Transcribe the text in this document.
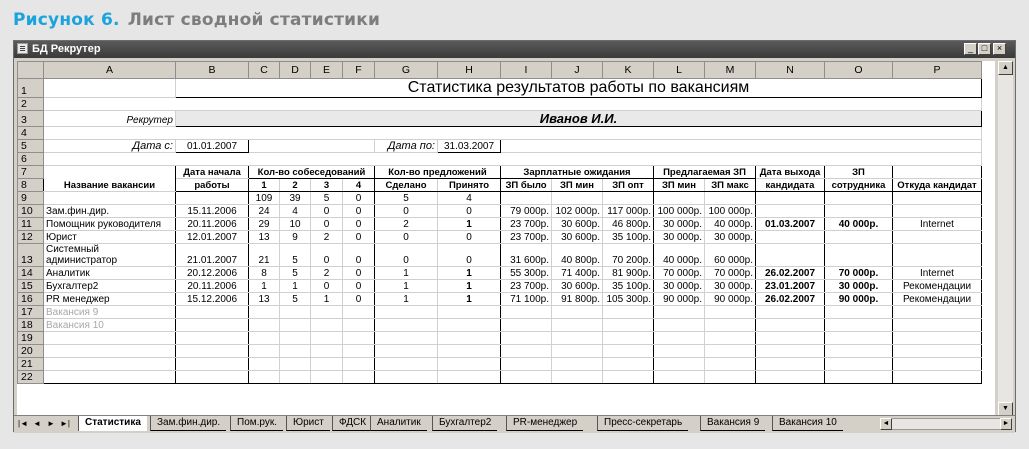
Рисунок 6. Лист сводной статистики
БД Рекрутер	_ □	×
	A	B	C	D	E	F	G	H	I	J	K	L	M	N	O	P
1		Статистика результатов работы по вакансиям														
2																
3	Рекрутер	Иванов И.И.														
4																
5	Дата с:	01.01.2007					Дата по:	31.03.2007								
6																
7	Название вакансии	Дата начала	Кол-во собеседований				Кол-во предложений		Зарплатные ожидания			Предлагаемая ЗП		Дата выхода	ЗП	
8		работы	1	2	3	4	Сделано	Принято	ЗП было	ЗП мин	ЗП опт	ЗП мин	ЗП макс	кандидата	сотрудника	Откуда кандидат
9			109	39	5	0	5	4								
10	Зам.фин.дир.	15.11.2006	24	4	0	0	0	0	79 000р.	102 000р.	117 000р.	100 000р.	100 000р.			
11	Помощник руководителя	20.11.2006	29	10	0	0	2	1	23 700р.	30 600р.	46 800р.	30 000р.	40 000р.	01.03.2007	40 000р.	Internet
12	Юрист	12.01.2007	13	9	2	0	0	0	23 700р.	30 600р.	35 100р.	30 000р.	30 000р.			
13	Системный
администратор	21.01.2007	21	5	0	0	0	0	31 600р.	40 800р.	70 200р.	40 000р.	60 000р.			
14	Аналитик	20.12.2006	8	5	2	0	1	1	55 300р.	71 400р.	81 900р.	70 000р.	70 000р.	26.02.2007	70 000р.	Internet
15	Бухгалтер2	20.11.2006	1	1	0	0	1	1	23 700р.	30 600р.	35 100р.	30 000р.	30 000р.	23.01.2007	30 000р.	Рекомендации
16	PR менеджер	15.12.2006	13	5	1	0	1	1	71 100р.	91 800р.	105 300р.	90 000р.	90 000р.	26.02.2007	90 000р.	Рекомендации
17	Вакансия 9															
18	Вакансия 10															
19																
20																
21																
22																
▲
▼
|◄ ◄ ► ►|	Статистика	Зам.фин.дир.	Пом.рук.	Юрист	ФДСК	Аналитик	Бухгалтер2	PR-менеджер	Пресс-секретарь	Вакансия 9	Вакансия 10	◄	►
